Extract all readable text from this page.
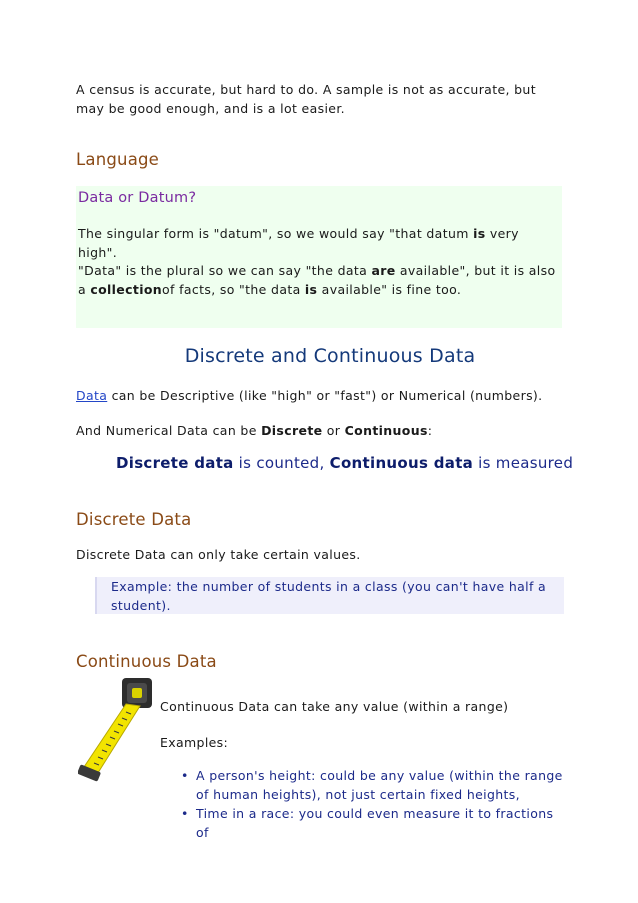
A census is accurate, but hard to do. A sample is not as accurate, but may be good enough, and is a lot easier.

Language
Data or Datum?

The singular form is "datum", so we would say "that datum is very high".

"Data" is the plural so we can say "the data are available", but it is also
a collectionof facts, so "the data is available" is fine too.

Discrete and Continuous Data

Data can be Descriptive (like "high" or "fast") or Numerical (numbers).

And Numerical Data can be Discrete or Continuous:

Discrete data is counted, Continuous data is measured
Discrete Data

Discrete Data can only take certain values.

Example: the number of students in a class (you can't have half a
student).

Continuous Data

Continuous Data can take any value (within a range)

Examples:

• A person's height: could be any value (within the range of human heights), not just certain fixed heights,
• Time in a race: you could even measure it to fractions of
